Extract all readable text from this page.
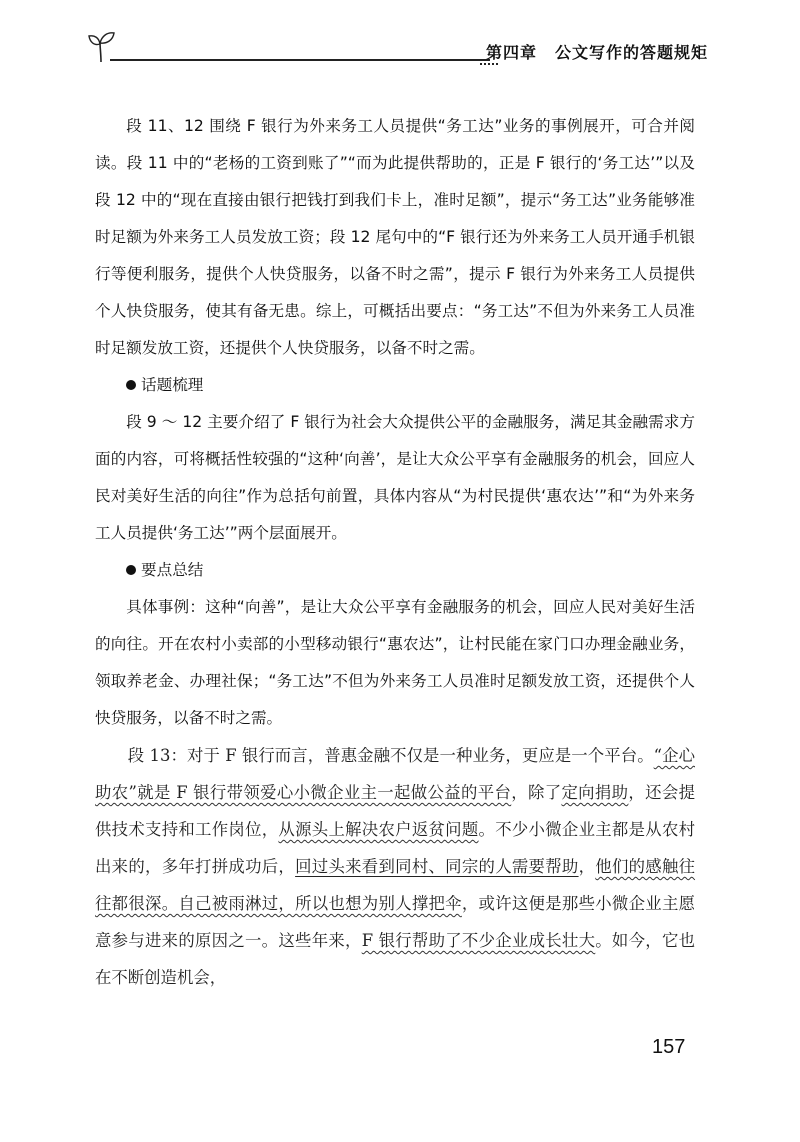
第四章 公文写作的答题规矩

段 11、12 围绕 F 银行为外来务工人员提供“务工达”业务的事例展开，可合并阅读。段 11 中的“老杨的工资到账了”“而为此提供帮助的，正是 F 银行的‘务工达’”以及段 12 中的“现在直接由银行把钱打到我们卡上，准时足额”，提示“务工达”业务能够准时足额为外来务工人员发放工资；段 12 尾句中的“F 银行还为外来务工人员开通手机银行等便利服务，提供个人快贷服务，以备不时之需”，提示 F 银行为外来务工人员提供个人快贷服务，使其有备无患。综上，可概括出要点：“务工达”不但为外来务工人员准时足额发放工资，还提供个人快贷服务，以备不时之需。

话题梳理

段 9 ～ 12 主要介绍了 F 银行为社会大众提供公平的金融服务，满足其金融需求方面的内容，可将概括性较强的“这种‘向善’，是让大众公平享有金融服务的机会，回应人民对美好生活的向往”作为总括句前置，具体内容从“为村民提供‘惠农达’”和“为外来务工人员提供‘务工达’”两个层面展开。

要点总结

具体事例：这种“向善”，是让大众公平享有金融服务的机会，回应人民对美好生活的向往。开在农村小卖部的小型移动银行“惠农达”，让村民能在家门口办理金融业务，领取养老金、办理社保；“务工达”不但为外来务工人员准时足额发放工资，还提供个人快贷服务，以备不时之需。

段 13：对于 F 银行而言，普惠金融不仅是一种业务，更应是一个平台。“企心助农”就是 F 银行带领爱心小微企业主一起做公益的平台，除了定向捐助，还会提供技术支持和工作岗位，从源头上解决农户返贫问题。不少小微企业主都是从农村出来的，多年打拼成功后，回过头来看到同村、同宗的人需要帮助，他们的感触往往都很深。自己被雨淋过，所以也想为别人撑把伞，或许这便是那些小微企业主愿意参与进来的原因之一。这些年来，F 银行帮助了不少企业成长壮大。如今，它也在不断创造机会，

157
